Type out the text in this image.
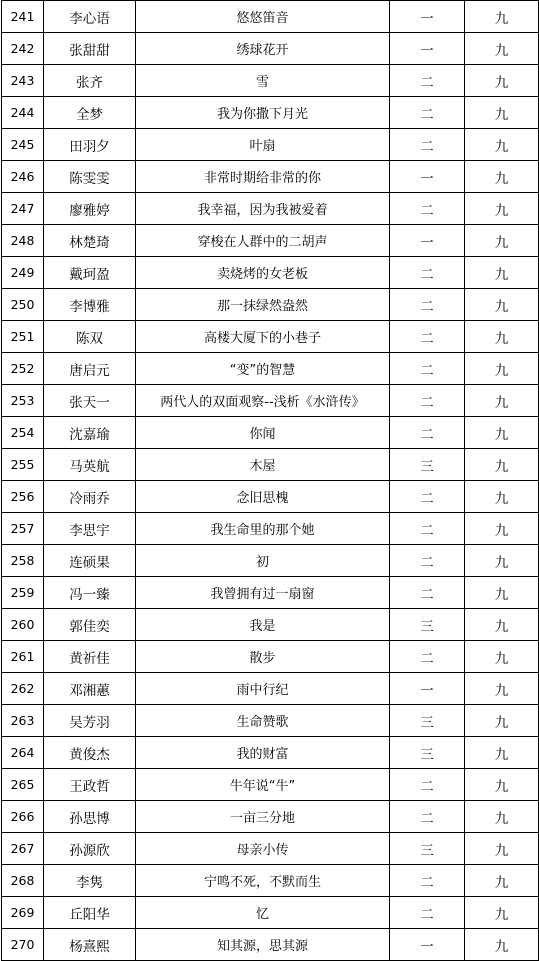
241	李心语	悠悠笛音	一	九
242	张甜甜	绣球花开	一	九
243	张齐	雪	二	九
244	全梦	我为你撒下月光	二	九
245	田羽夕	叶扇	二	九
246	陈雯雯	非常时期给非常的你	一	九
247	廖雅婷	我幸福，因为我被爱着	二	九
248	林楚琦	穿梭在人群中的二胡声	一	九
249	戴珂盈	卖烧烤的女老板	二	九
250	李博雅	那一抹绿然盎然	二	九
251	陈双	高楼大厦下的小巷子	二	九
252	唐启元	“变”的智慧	二	九
253	张天一	两代人的双面观察--浅析《水浒传》	二	九
254	沈嘉瑜	你闻	二	九
255	马英航	木屋	三	九
256	冷雨乔	念旧思槐	二	九
257	李思宇	我生命里的那个她	二	九
258	连硕果	初	二	九
259	冯一臻	我曾拥有过一扇窗	二	九
260	郭佳奕	我是	三	九
261	黄祈佳	散步	二	九
262	邓湘蕙	雨中行纪	一	九
263	吴芳羽	生命赞歌	三	九
264	黄俊杰	我的财富	三	九
265	王政哲	牛年说“牛”	二	九
266	孙思博	一亩三分地	二	九
267	孙源欣	母亲小传	三	九
268	李隽	宁鸣不死，不默而生	二	九
269	丘阳华	忆	二	九
270	杨熹熙	知其源，思其源	一	九
